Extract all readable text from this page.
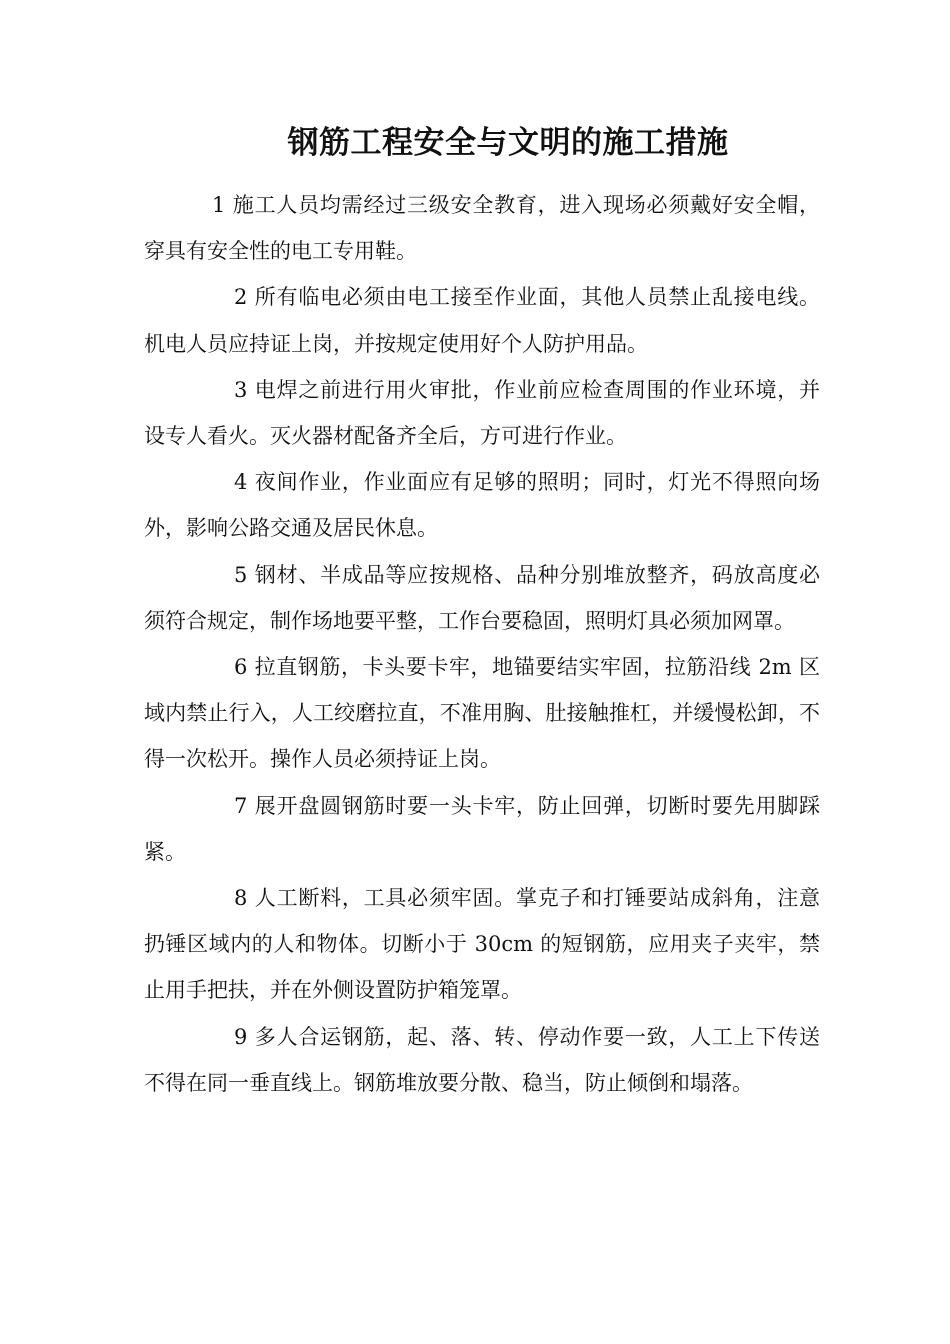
钢筋工程安全与文明的施工措施

1 施工人员均需经过三级安全教育，进入现场必须戴好安全帽，穿具有安全性的电工专用鞋。

2 所有临电必须由电工接至作业面，其他人员禁止乱接电线。机电人员应持证上岗，并按规定使用好个人防护用品。

3 电焊之前进行用火审批，作业前应检查周围的作业环境，并设专人看火。灭火器材配备齐全后，方可进行作业。

4 夜间作业，作业面应有足够的照明；同时，灯光不得照向场外，影响公路交通及居民休息。

5 钢材、半成品等应按规格、品种分别堆放整齐，码放高度必须符合规定，制作场地要平整，工作台要稳固，照明灯具必须加网罩。

6 拉直钢筋，卡头要卡牢，地锚要结实牢固，拉筋沿线 2m 区域内禁止行入，人工绞磨拉直，不准用胸、肚接触推杠，并缓慢松卸，不得一次松开。操作人员必须持证上岗。

7 展开盘圆钢筋时要一头卡牢，防止回弹，切断时要先用脚踩紧。

8 人工断料，工具必须牢固。掌克子和打锤要站成斜角，注意扔锤区域内的人和物体。切断小于 30cm 的短钢筋，应用夹子夹牢，禁止用手把扶，并在外侧设置防护箱笼罩。

9 多人合运钢筋，起、落、转、停动作要一致，人工上下传送不得在同一垂直线上。钢筋堆放要分散、稳当，防止倾倒和塌落。
